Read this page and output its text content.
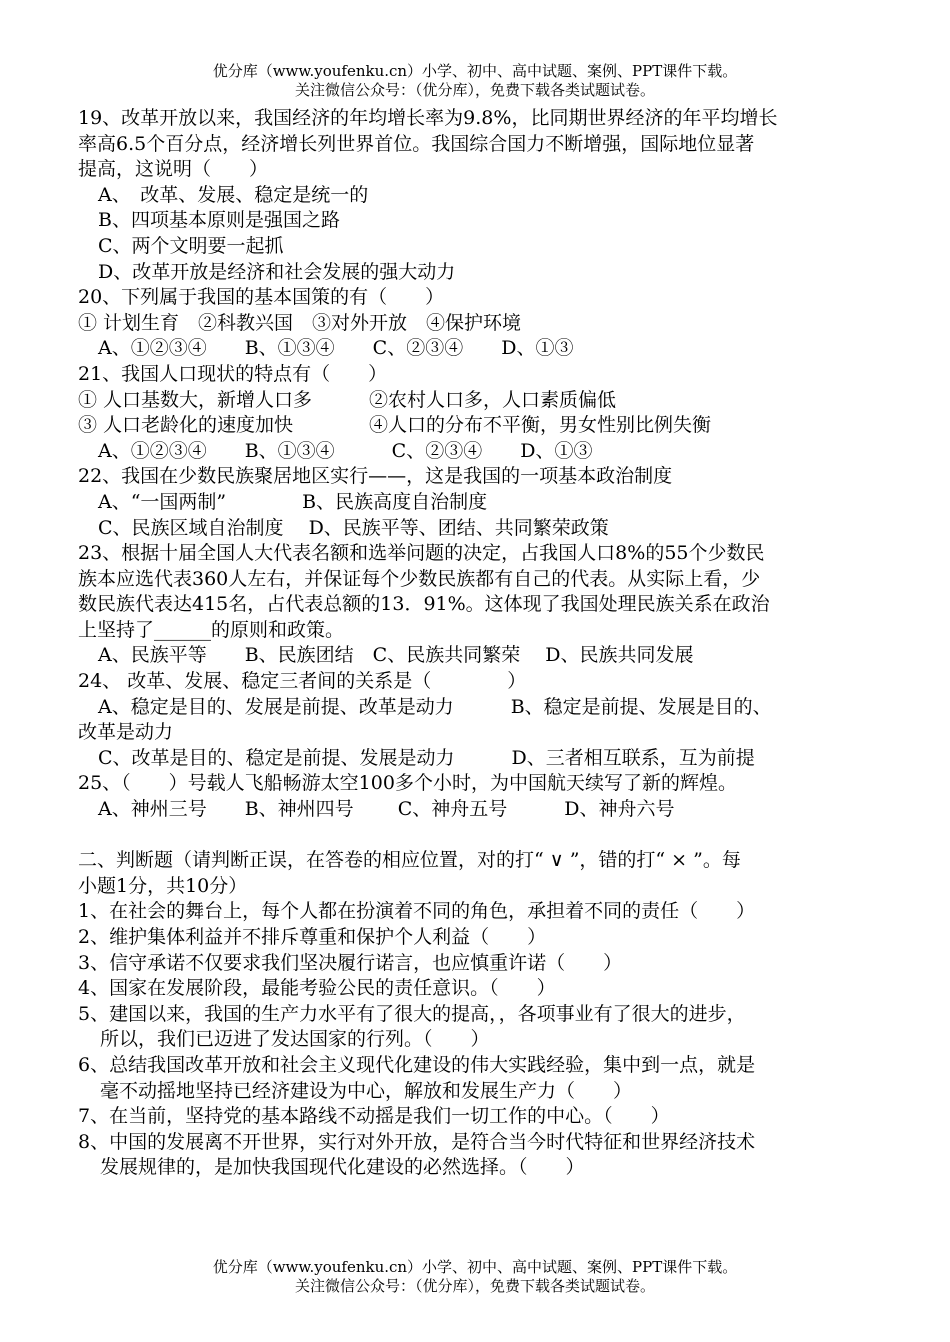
优分库（www.youfenku.cn）小学、初中、高中试题、案例、PPT课件下载。
关注微信公众号：（优分库），免费下载各类试题试卷。
19、改革开放以来，我国经济的年均增长率为9.8%，比同期世界经济的年平均增长
率高6.5个百分点，经济增长列世界首位。我国综合国力不断增强，国际地位显著
提高，这说明（　　）
A、　改革、发展、稳定是统一的
B、四项基本原则是强国之路
C、两个文明要一起抓
D、改革开放是经济和社会发展的强大动力
20、下列属于我国的基本国策的有（　　）
① 计划生育　②科教兴国　③对外开放　④保护环境
A、①②③④　　B、①③④　　C、②③④　　D、①③
21、我国人口现状的特点有（　　）
① 人口基数大，新增人口多　　　②农村人口多，人口素质偏低
③ 人口老龄化的速度加快　　　　④人口的分布不平衡，男女性别比例失衡
A、①②③④　　B、①③④　　　C、②③④　　D、①③
22、我国在少数民族聚居地区实行——，这是我国的一项基本政治制度
A、“一国两制”　　　　B、民族高度自治制度
C、民族区域自治制度　 D、民族平等、团结、共同繁荣政策
23、根据十届全国人大代表名额和选举问题的决定，占我国人口8%的55个少数民
族本应选代表360人左右，并保证每个少数民族都有自己的代表。从实际上看，少
数民族代表达415名，占代表总额的13．91%。这体现了我国处理民族关系在政治
上坚持了______的原则和政策。
A、民族平等　　B、民族团结　C、民族共同繁荣　 D、民族共同发展
24、 改革、发展、稳定三者间的关系是（　　　　）
A、稳定是目的、发展是前提、改革是动力　　　B、稳定是前提、发展是目的、
改革是动力
C、改革是目的、稳定是前提、发展是动力　　　D、三者相互联系，互为前提
25、（　　）号载人飞船畅游太空100多个小时，为中国航天续写了新的辉煌。
A、神州三号　　B、神州四号　　 C、神舟五号　　　D、神舟六号
二、判断题（请判断正误，在答卷的相应位置，对的打“ ∨ ”，错的打“ × ”。每
小题1分，共10分）
1、在社会的舞台上，每个人都在扮演着不同的角色，承担着不同的责任（　　）
2、维护集体利益并不排斥尊重和保护个人利益（　　）
3、信守承诺不仅要求我们坚决履行诺言，也应慎重许诺（　　）
4、国家在发展阶段，最能考验公民的责任意识。（　　）
5、建国以来，我国的生产力水平有了很大的提高，，各项事业有了很大的进步，
所以，我们已迈进了发达国家的行列。（　　）
6、总结我国改革开放和社会主义现代化建设的伟大实践经验，集中到一点，就是
毫不动摇地坚持已经济建设为中心，解放和发展生产力（　　）
7、在当前，坚持党的基本路线不动摇是我们一切工作的中心。（　　）
8、中国的发展离不开世界，实行对外开放，是符合当今时代特征和世界经济技术
发展规律的，是加快我国现代化建设的必然选择。（　　）
优分库（www.youfenku.cn）小学、初中、高中试题、案例、PPT课件下载。
关注微信公众号：（优分库），免费下载各类试题试卷。
